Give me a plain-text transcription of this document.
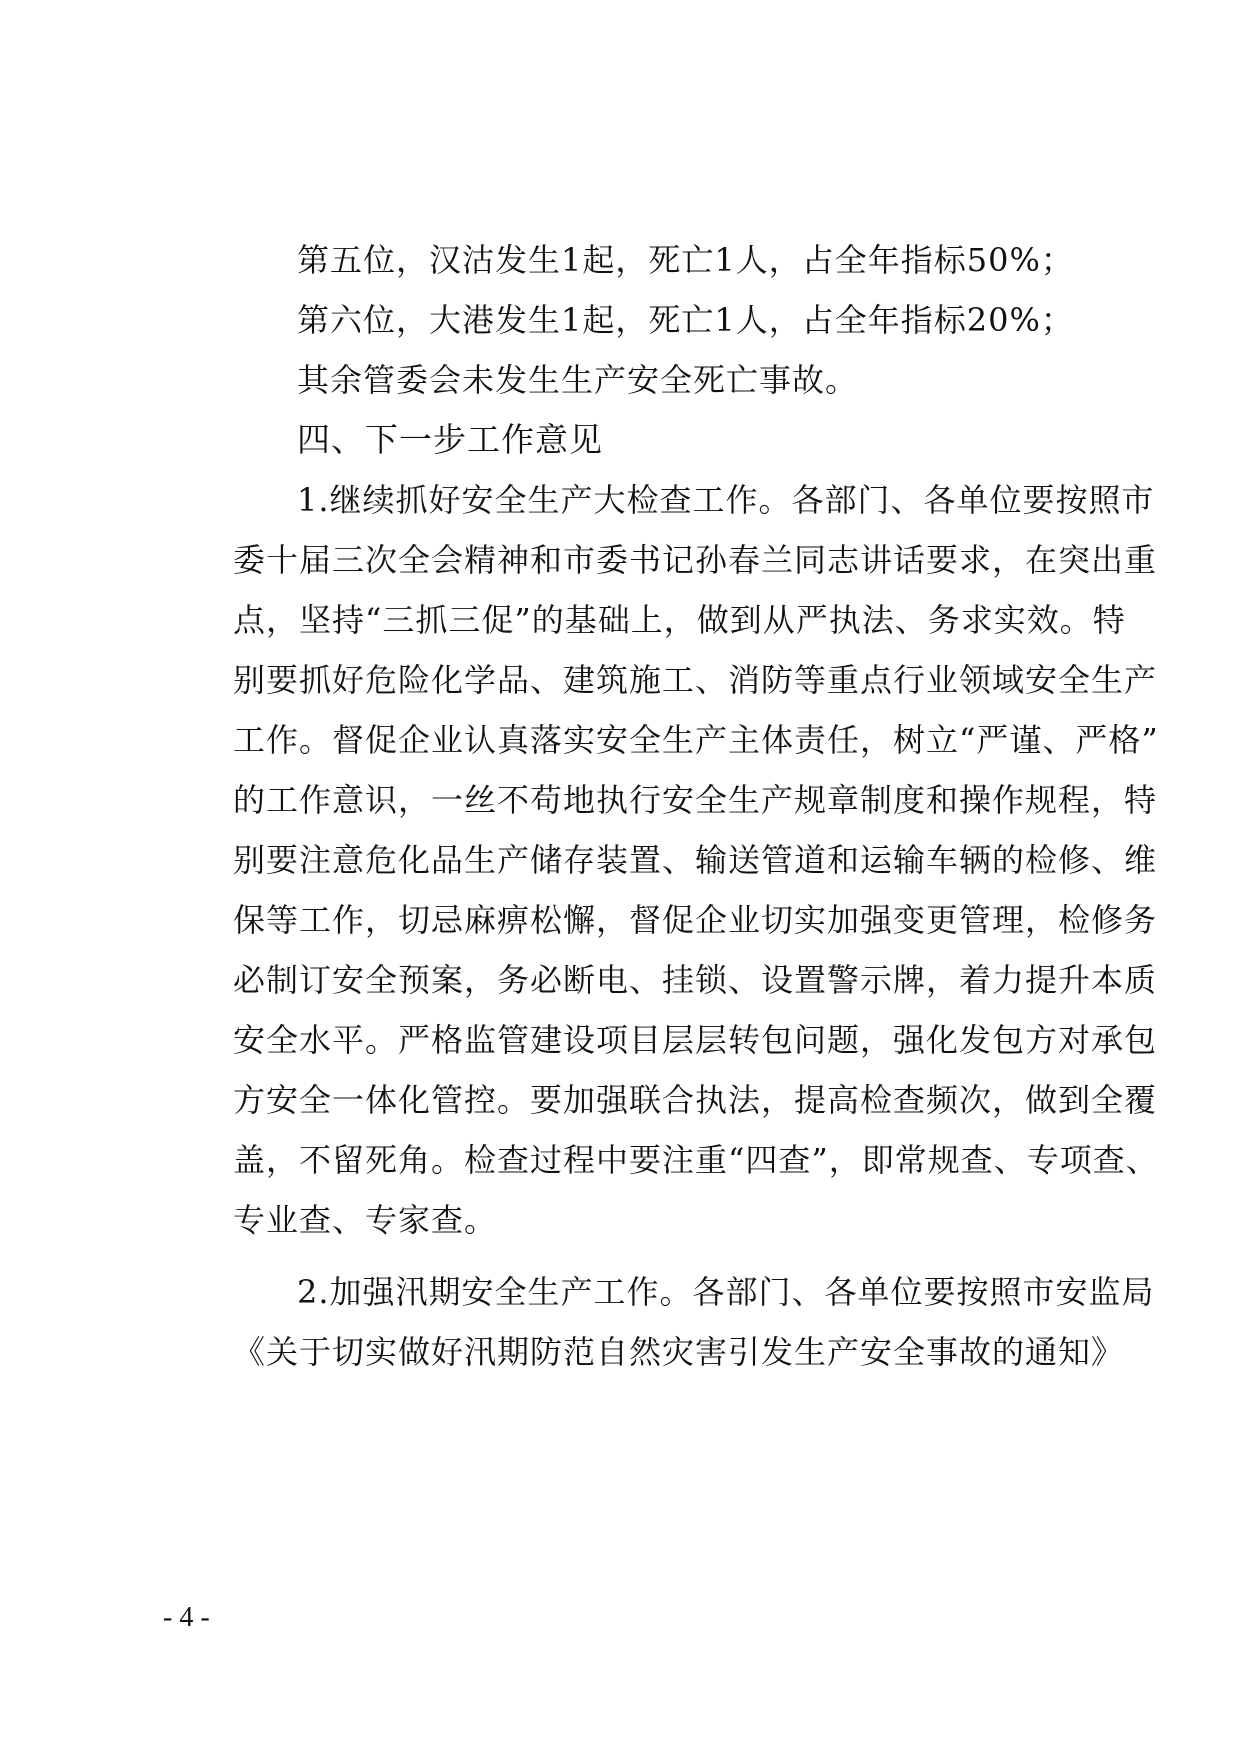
第五位，汉沽发生1起，死亡1人，占全年指标50%；
第六位，大港发生1起，死亡1人，占全年指标20%；
其余管委会未发生生产安全死亡事故。
四、下一步工作意见
1.继续抓好安全生产大检查工作。各部门、各单位要按照市
委十届三次全会精神和市委书记孙春兰同志讲话要求，在突出重
点，坚持“三抓三促”的基础上，做到从严执法、务求实效。特
别要抓好危险化学品、建筑施工、消防等重点行业领域安全生产
工作。督促企业认真落实安全生产主体责任，树立“严谨、严格”
的工作意识，一丝不苟地执行安全生产规章制度和操作规程，特
别要注意危化品生产储存装置、输送管道和运输车辆的检修、维
保等工作，切忌麻痹松懈，督促企业切实加强变更管理，检修务
必制订安全预案，务必断电、挂锁、设置警示牌，着力提升本质
安全水平。严格监管建设项目层层转包问题，强化发包方对承包
方安全一体化管控。要加强联合执法，提高检查频次，做到全覆
盖，不留死角。检查过程中要注重“四查”，即常规查、专项查、
专业查、专家查。
2.加强汛期安全生产工作。各部门、各单位要按照市安监局
《关于切实做好汛期防范自然灾害引发生产安全事故的通知》
- 4 -
